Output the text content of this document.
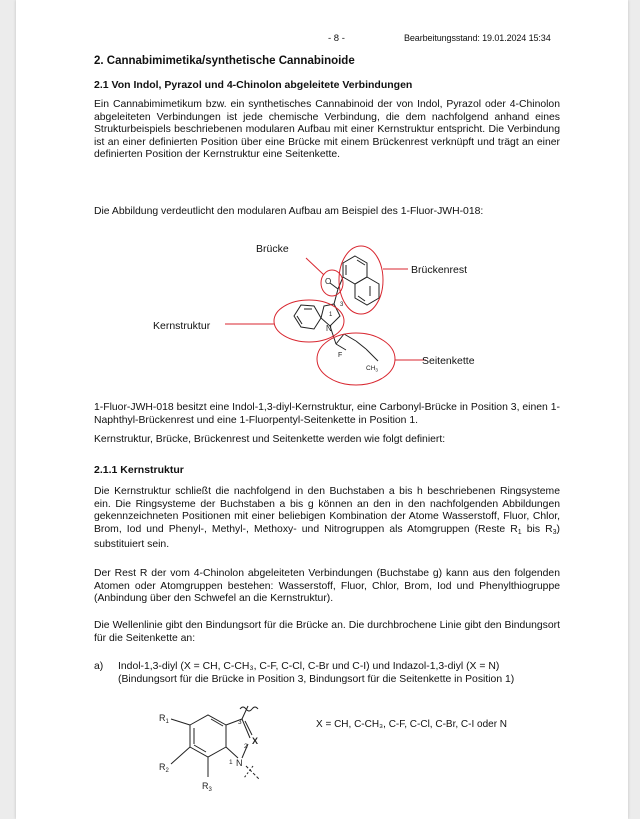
- 8 -	Bearbeitungsstand: 19.01.2024 15:34
2. Cannabimimetika/synthetische Cannabinoide
2.1 Von Indol, Pyrazol und 4-Chinolon abgeleitete Verbindungen

Ein Cannabimimetikum bzw. ein synthetisches Cannabinoid der von Indol, Pyrazol oder 4-Chinolon abgeleiteten Verbindungen ist jede chemische Verbindung, die dem nachfolgend anhand eines Strukturbeispiels beschriebenen modularen Aufbau mit einer Kernstruktur entspricht. Die Verbindung ist an einer definierten Position über eine Brücke mit einem Brückenrest verknüpft und trägt an einer definierten Position der Kernstruktur eine Seitenkette.

Die Abbildung verdeutlicht den modularen Aufbau am Beispiel des 1-Fluor-JWH-018:

O
N
1
3
F
$CH_3$
Brücke
Brückenrest
Kernstruktur
Seitenkette

1-Fluor-JWH-018 besitzt eine Indol-1,3-diyl-Kernstruktur, eine Carbonyl-Brücke in Position 3, einen 1-Naphthyl-Brückenrest und eine 1-Fluorpentyl-Seitenkette in Position 1.

Kernstruktur, Brücke, Brückenrest und Seitenkette werden wie folgt definiert:

2.1.1 Kernstruktur

Die Kernstruktur schließt die nachfolgend in den Buchstaben a bis h beschriebenen Ringsysteme ein. Die Ringsysteme der Buchstaben a bis g können an den in den nachfolgenden Abbildungen gekennzeichneten Positionen mit einer beliebigen Kombination der Atome Wasserstoff, Fluor, Chlor, Brom, Iod und Phenyl-, Methyl-, Methoxy- und Nitrogruppen als Atomgruppen (Reste $R_1$ bis $R_3$) substituiert sein.

Der Rest R der vom 4-Chinolon abgeleiteten Verbindungen (Buchstabe g) kann aus den folgenden Atomen oder Atomgruppen bestehen: Wasserstoff, Fluor, Chlor, Brom, Iod und Phenylthiogruppe (Anbindung über den Schwefel an die Kernstruktur).

Die Wellenlinie gibt den Bindungsort für die Brücke an. Die durchbrochene Linie gibt den Bindungsort für die Seitenkette an:

a) Indol-1,3-diyl (X = CH, C-CH₃, C-F, C-Cl, C-Br und C-I) und Indazol-1,3-diyl (X = N) (Bindungsort für die Brücke in Position 3, Bindungsort für die Seitenkette in Position 1)
$R_1$
$R_2$
$R_3$
3
2
X
1 N
X = CH, C-CH₃, C-F, C-Cl, C-Br, C-I oder N
